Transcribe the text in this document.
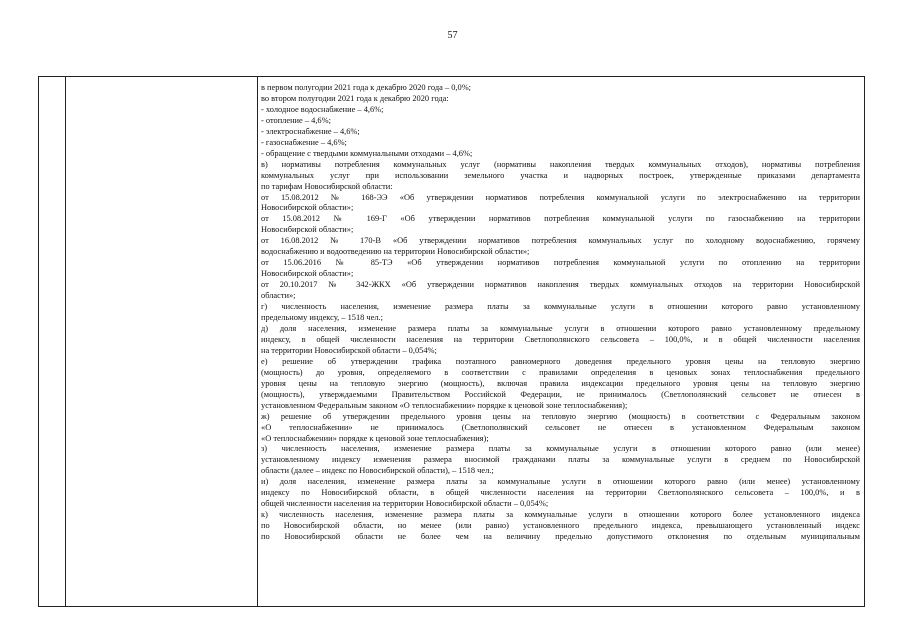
57
в первом полугодии 2021 года к декабрю 2020 года – 0,0%;
во втором полугодии 2021 года к декабрю 2020 года:
- холодное водоснабжение – 4,6%;
- отопление – 4,6%;
- электроснабжение – 4,6%;
- газоснабжение – 4,6%;
- обращение с твердыми коммунальными отходами – 4,6%;
в) нормативы потребления коммунальных услуг (нормативы накопления твердых коммунальных отходов), нормативы потребления
коммунальных услуг при использовании земельного участка и надворных построек, утвержденные приказами департамента
по тарифам Новосибирской области:
от 15.08.2012 № 168-ЭЭ «Об утверждении нормативов потребления коммунальной услуги по электроснабжению на территории
Новосибирской области»;
от 15.08.2012 № 169-Г «Об утверждении нормативов потребления коммунальной услуги по газоснабжению на территории
Новосибирской области»;
от 16.08.2012 № 170-В «Об утверждении нормативов потребления коммунальных услуг по холодному водоснабжению, горячему
водоснабжению и водоотведению на территории Новосибирской области»;
от 15.06.2016 № 85-ТЭ «Об утверждении нормативов потребления коммунальной услуги по отоплению на территории
Новосибирской области»;
от 20.10.2017 № 342-ЖКХ «Об утверждении нормативов накопления твердых коммунальных отходов на территории Новосибирской
области»;
г) численность населения, изменение размера платы за коммунальные услуги в отношении которого равно установленному
предельному индексу, – 1518 чел.;
д) доля населения, изменение размера платы за коммунальные услуги в отношении которого равно установленному предельному
индексу, в общей численности населения на территории Светлополянского сельсовета – 100,0%, и в общей численности населения
на территории Новосибирской области – 0,054%;
е) решение об утверждении графика поэтапного равномерного доведения предельного уровня цены на тепловую энергию
(мощность) до уровня, определяемого в соответствии с правилами определения в ценовых зонах теплоснабжения предельного
уровня цены на тепловую энергию (мощность), включая правила индексации предельного уровня цены на тепловую энергию
(мощность), утверждаемыми Правительством Российской Федерации, не принималось (Светлополянский сельсовет не отнесен в
установленном Федеральным законом «О теплоснабжении» порядке к ценовой зоне теплоснабжения);
ж) решение об утверждении предельного уровня цены на тепловую энергию (мощность) в соответствии с Федеральным законом
«О теплоснабжении» не принималось (Светлополянский сельсовет не отнесен в установленном Федеральным законом
«О теплоснабжении» порядке к ценовой зоне теплоснабжения);
з) численность населения, изменение размера платы за коммунальные услуги в отношении которого равно (или менее)
установленному индексу изменения размера вносимой гражданами платы за коммунальные услуги в среднем по Новосибирской
области (далее – индекс по Новосибирской области), – 1518 чел.;
и) доля населения, изменение размера платы за коммунальные услуги в отношении которого равно (или менее) установленному
индексу по Новосибирской области, в общей численности населения на территории Светлополянского сельсовета – 100,0%, и в
общей численности населения на территории Новосибирской области – 0,054%;
к) численность населения, изменение размера платы за коммунальные услуги в отношении которого более установленного индекса
по Новосибирской области, но менее (или равно) установленного предельного индекса, превышающего установленный индекс
по Новосибирской области не более чем на величину предельно допустимого отклонения по отдельным муниципальным
